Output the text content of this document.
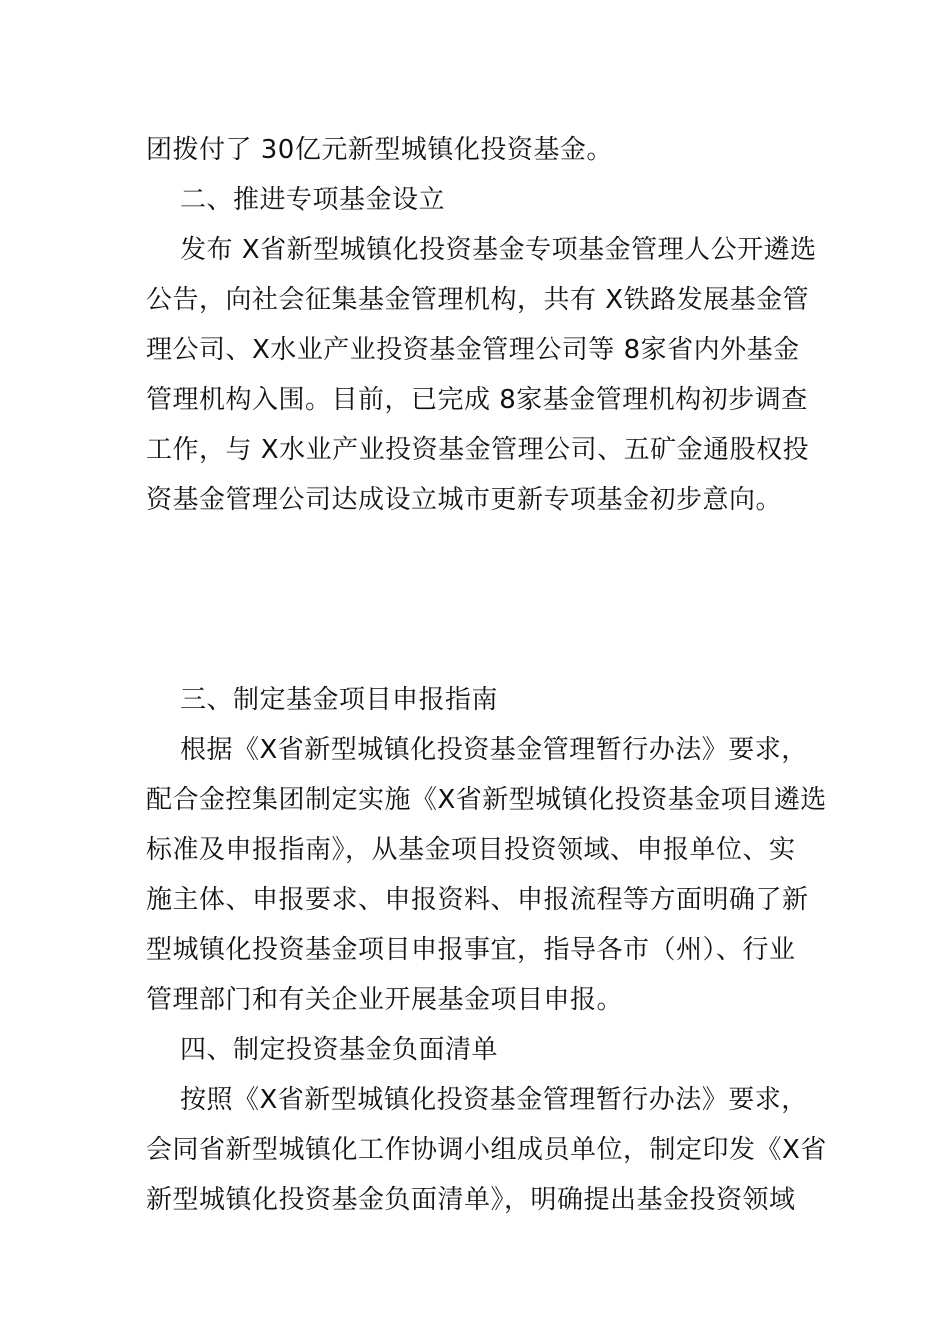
团拨付了 30亿元新型城镇化投资基金。
二、推进专项基金设立
发布 X省新型城镇化投资基金专项基金管理人公开遴选
公告，向社会征集基金管理机构，共有 X铁路发展基金管
理公司、X水业产业投资基金管理公司等 8家省内外基金
管理机构入围。目前，已完成 8家基金管理机构初步调查
工作，与 X水业产业投资基金管理公司、五矿金通股权投
资基金管理公司达成设立城市更新专项基金初步意向。
三、制定基金项目申报指南
根据《X省新型城镇化投资基金管理暂行办法》要求，
配合金控集团制定实施《X省新型城镇化投资基金项目遴选
标准及申报指南》，从基金项目投资领域、申报单位、实
施主体、申报要求、申报资料、申报流程等方面明确了新
型城镇化投资基金项目申报事宜，指导各市（州）、行业
管理部门和有关企业开展基金项目申报。
四、制定投资基金负面清单
按照《X省新型城镇化投资基金管理暂行办法》要求，
会同省新型城镇化工作协调小组成员单位，制定印发《X省
新型城镇化投资基金负面清单》，明确提出基金投资领域
